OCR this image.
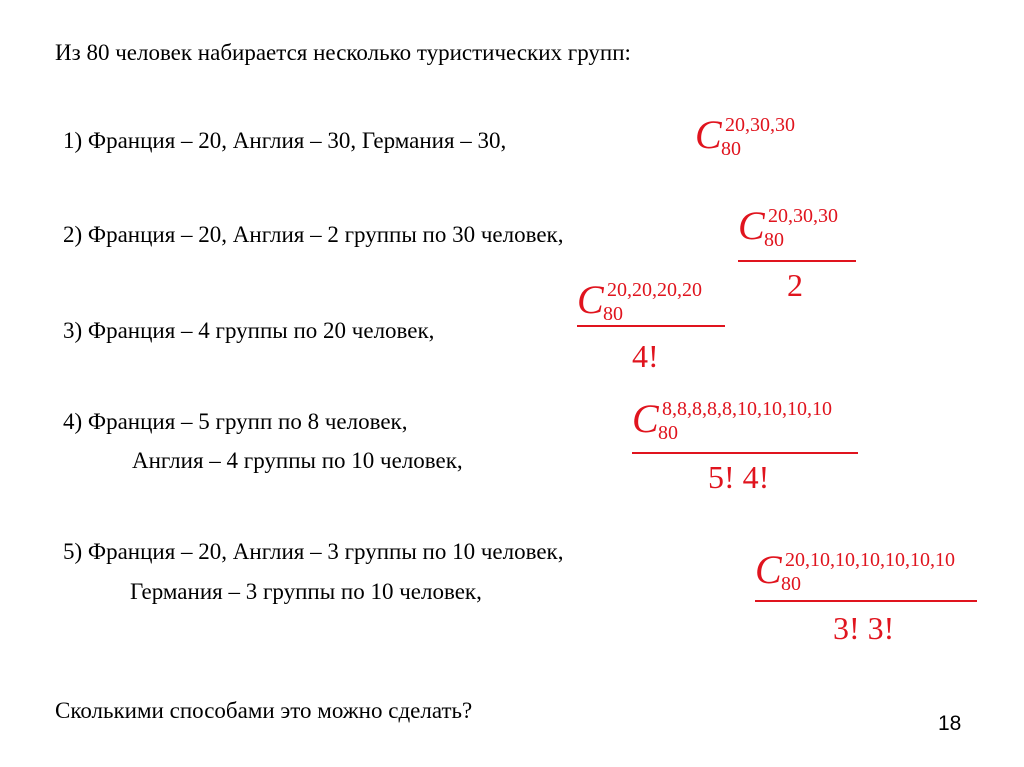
Из 80 человек набирается несколько туристических групп:
1) Франция – 20, Англия – 30, Германия – 30,	C 20,30,30
80
2) Франция – 20, Англия – 2 группы по 30 человек,	C 20,30,30
80
2
3) Франция – 4 группы по 20 человек,
C 20,20,20,20
80
4!
4) Франция – 5 групп по 8 человек,
Англия – 4 группы по 10 человек,
C 8,8,8,8,8,10,10,10,10
80
5! 4!
5) Франция – 20, Англия – 3 группы по 10 человек,
Германия – 3 группы по 10 человек,	C 20,10,10,10,10,10,10
80
3! 3!
Сколькими способами это можно сделать?
18
